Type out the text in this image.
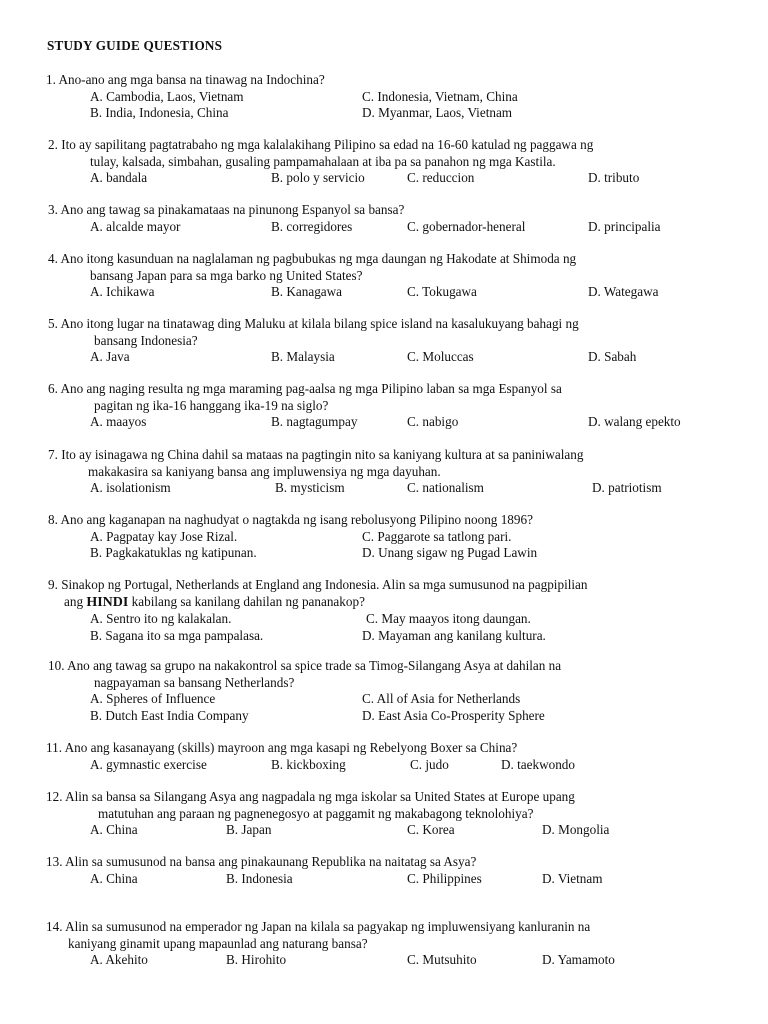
STUDY GUIDE QUESTIONS
1. Ano-ano ang mga bansa na tinawag na Indochina?
A. Cambodia, Laos, Vietnam	C. Indonesia, Vietnam, China
B. India, Indonesia, China	D. Myanmar, Laos, Vietnam
2. Ito ay sapilitang pagtatrabaho ng mga kalalakihang Pilipino sa edad na 16-60 katulad ng paggawa ng
tulay, kalsada, simbahan, gusaling pampamahalaan at iba pa sa panahon ng mga Kastila.
A. bandala	B. polo y servicio	C. reduccion	D. tributo
3. Ano ang tawag sa pinakamataas na pinunong Espanyol sa bansa?
A. alcalde mayor	B. corregidores	C. gobernador-heneral	D. principalia
4. Ano itong kasunduan na naglalaman ng pagbubukas ng mga daungan ng Hakodate at Shimoda ng
bansang Japan para sa mga barko ng United States?
A. Ichikawa	B. Kanagawa	C. Tokugawa	D. Wategawa
5. Ano itong lugar na tinatawag ding Maluku at kilala bilang spice island na kasalukuyang bahagi ng
bansang Indonesia?
A. Java	B. Malaysia	C. Moluccas	D. Sabah
6. Ano ang naging resulta ng mga maraming pag-aalsa ng mga Pilipino laban sa mga Espanyol sa
pagitan ng ika-16 hanggang ika-19 na siglo?
A. maayos	B. nagtagumpay	C. nabigo	D. walang epekto
7. Ito ay isinagawa ng China dahil sa mataas na pagtingin nito sa kaniyang kultura at sa paniniwalang
makakasira sa kaniyang bansa ang impluwensiya ng mga dayuhan.
A. isolationism	B. mysticism	C. nationalism	D. patriotism
8. Ano ang kaganapan na naghudyat o nagtakda ng isang rebolusyong Pilipino noong 1896?
A. Pagpatay kay Jose Rizal.	C. Paggarote sa tatlong pari.
B. Pagkakatuklas ng katipunan.	D. Unang sigaw ng Pugad Lawin
9. Sinakop ng Portugal, Netherlands at England ang Indonesia. Alin sa mga sumusunod na pagpipilian
ang HINDI kabilang sa kanilang dahilan ng pananakop?
A. Sentro ito ng kalakalan.	C. May maayos itong daungan.
B. Sagana ito sa mga pampalasa.	D. Mayaman ang kanilang kultura.
10. Ano ang tawag sa grupo na nakakontrol sa spice trade sa Timog-Silangang Asya at dahilan na
nagpayaman sa bansang Netherlands?
A. Spheres of Influence	C. All of Asia for Netherlands
B. Dutch East India Company	D. East Asia Co-Prosperity Sphere
11. Ano ang kasanayang (skills) mayroon ang mga kasapi ng Rebelyong Boxer sa China?
A. gymnastic exercise	B. kickboxing	C. judo	D. taekwondo
12. Alin sa bansa sa Silangang Asya ang nagpadala ng mga iskolar sa United States at Europe upang
matutuhan ang paraan ng pagnenegosyo at paggamit ng makabagong teknolohiya?
A. China	B. Japan	C. Korea	D. Mongolia
13. Alin sa sumusunod na bansa ang pinakaunang Republika na naitatag sa Asya?
A. China	B. Indonesia	C. Philippines	D. Vietnam
14. Alin sa sumusunod na emperador ng Japan na kilala sa pagyakap ng impluwensiyang kanluranin na
kaniyang ginamit upang mapaunlad ang naturang bansa?
A. Akehito	B. Hirohito	C. Mutsuhito	D. Yamamoto
